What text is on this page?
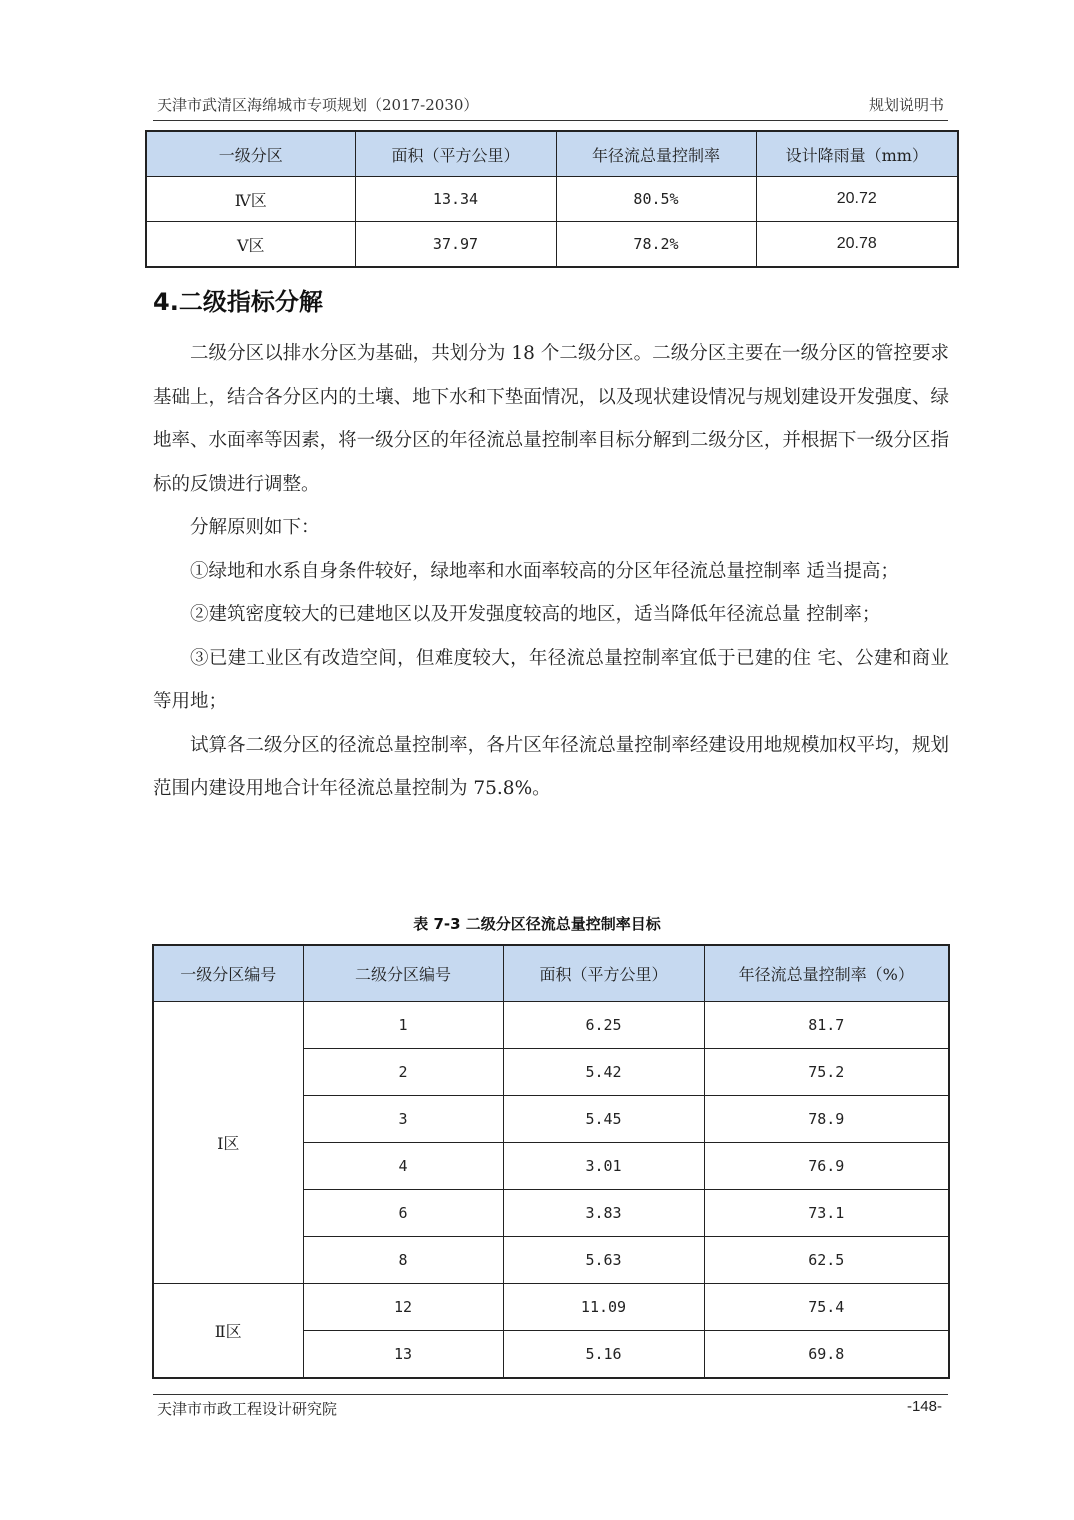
天津市武清区海绵城市专项规划（2017-2030）	规划说明书
一级分区	面积（平方公里）	年径流总量控制率	设计降雨量（mm）
Ⅳ区	13.34	80.5%	20.72
Ⅴ区	37.97	78.2%	20.78
4.二级指标分解

二级分区以排水分区为基础，共划分为 18 个二级分区。二级分区主要在一级分区的管控要求基础上，结合各分区内的土壤、地下水和下垫面情况，以及现状建设情况与规划建设开发强度、绿地率、水面率等因素，将一级分区的年径流总量控制率目标分解到二级分区，并根据下一级分区指标的反馈进行调整。

分解原则如下：

①绿地和水系自身条件较好，绿地率和水面率较高的分区年径流总量控制率 适当提高；

②建筑密度较大的已建地区以及开发强度较高的地区，适当降低年径流总量 控制率；

③已建工业区有改造空间，但难度较大，年径流总量控制率宜低于已建的住 宅、公建和商业等用地；

试算各二级分区的径流总量控制率，各片区年径流总量控制率经建设用地规模加权平均，规划范围内建设用地合计年径流总量控制为 75.8%。

表 7-3 二级分区径流总量控制率目标
一级分区编号	二级分区编号	面积（平方公里）	年径流总量控制率（%）
Ⅰ区	1	6.25	81.7
	2	5.42	75.2
	3	5.45	78.9
	4	3.01	76.9
	6	3.83	73.1
	8	5.63	62.5
Ⅱ区	12	11.09	75.4
	13	5.16	69.8
天津市市政工程设计研究院	-148-
